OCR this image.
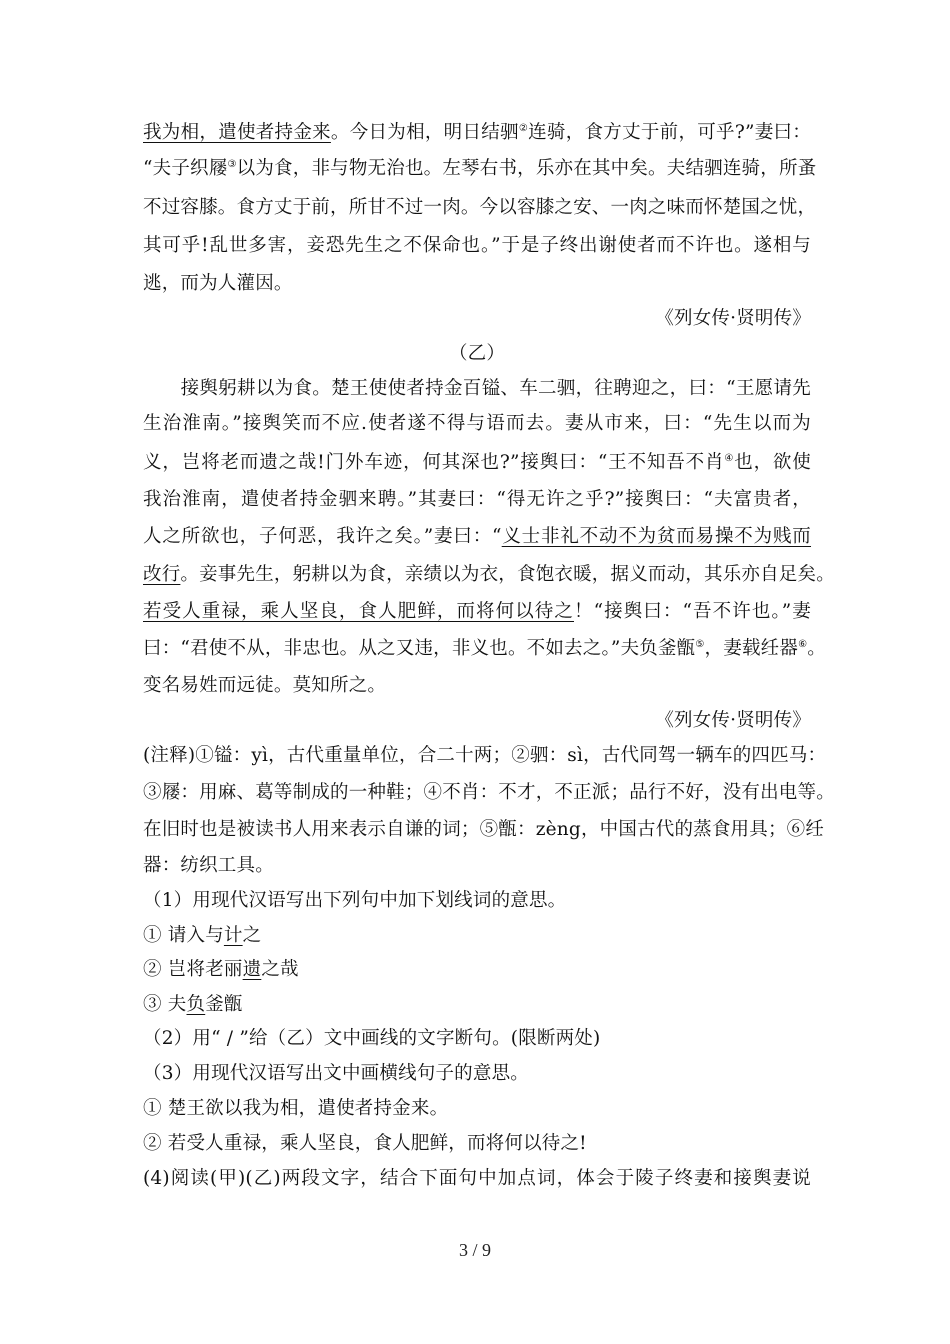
我为相，遣使者持金来。今日为相，明日结驷②连骑，食方丈于前，可乎?”妻曰：
“夫子织屦③以为食，非与物无治也。左琴右书，乐亦在其中矣。夫结驷连骑，所蚤
不过容膝。食方丈于前，所甘不过一肉。今以容膝之安、一肉之味而怀楚国之忧，
其可乎!乱世多害，妾恐先生之不保命也。”于是子终出谢使者而不许也。遂相与
逃，而为人灌因。
《列女传·贤明传》
（乙）
　　接舆躬耕以为食。楚王使使者持金百镒、车二驷，往聘迎之，曰：“王愿请先
生治淮南。”接舆笑而不应.使者遂不得与语而去。妻从市来，曰：“先生以而为
义，岂将老而遗之哉!门外车迹，何其深也?”接舆曰：“王不知吾不肖④也，欲使
我治淮南，遣使者持金驷来聘。”其妻曰：“得无许之乎?”接舆曰：“夫富贵者，
人之所欲也，子何恶，我许之矣。”妻曰：“义士非礼不动不为贫而易操不为贱而
改行。妾事先生，躬耕以为食，亲绩以为衣，食饱衣暖，据义而动，其乐亦自足矣。
若受人重禄，乘人坚良，食人肥鲜，而将何以待之！“接舆曰：“吾不许也。”妻
曰：“君使不从，非忠也。从之又违，非义也。不如去之。”夫负釜甑⑤，妻载纴器⑥。
变名易姓而远徒。莫知所之。
《列女传·贤明传》
(注释)①镒：yì，古代重量单位，合二十两；②驷：sì，古代同驾一辆车的四匹马：
③屦：用麻、葛等制成的一种鞋；④不肖：不才，不正派；品行不好，没有出电等。
在旧时也是被读书人用来表示自谦的词；⑤甑：zèng，中国古代的蒸食用具；⑥纴
器：纺织工具。
（1）用现代汉语写出下列句中加下划线词的意思。
① 请入与计之
② 岂将老丽遗之哉
③ 夫负釜甑
（2）用“ / ”给（乙）文中画线的文字断句。(限断两处)
（3）用现代汉语写出文中画横线句子的意思。
① 楚王欲以我为相，遣使者持金来。
② 若受人重禄，乘人坚良，食人肥鲜，而将何以待之!
(4)阅读(甲)(乙)两段文字，结合下面句中加点词，体会于陵子终妻和接舆妻说
3 / 9
